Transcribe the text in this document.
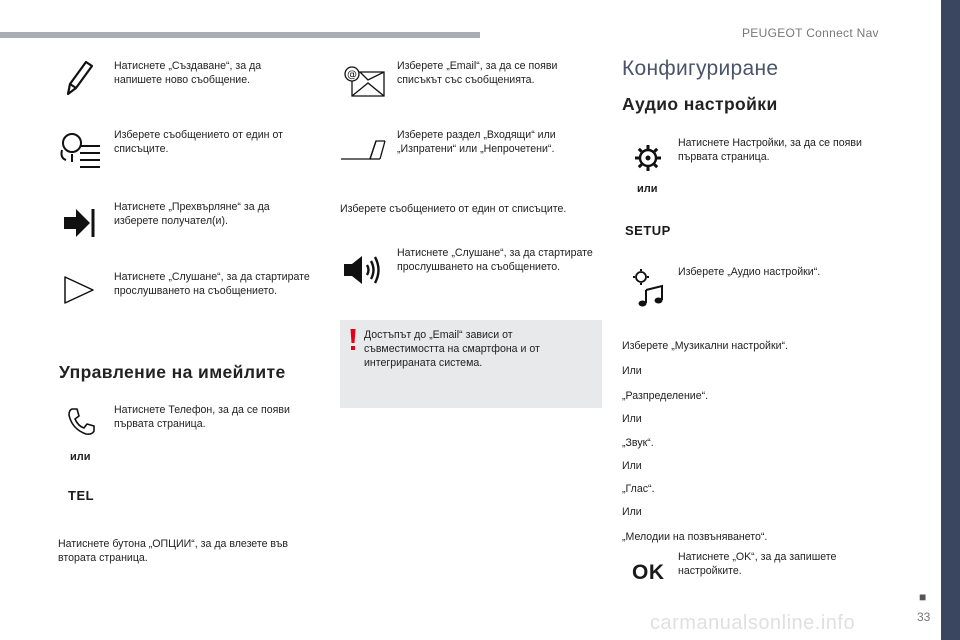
PEUGEOT Connect Nav
Натиснете „Създаване“, за да напишете ново съобщение.
Изберете съобщението от един от списъците.
Натиснете „Прехвърляне“ за да изберете получател(и).
Натиснете „Слушане“, за да стартирате прослушването на съобщението.
Управление на имейлите
Натиснете Телефон, за да се появи първата страница.
или
TEL
Натиснете бутона „ОПЦИИ“, за да влезете във втората страница.
@
Изберете „Email“, за да се появи списъкът със съобщенията.
Изберете раздел „Входящи“ или „Изпратени“ или „Непрочетени“.
Изберете съобщението от един от списъците.
Натиснете „Слушане“, за да стартирате прослушването на съобщението.
Достъпът до „Email“ зависи от съвместимостта на смартфона и от интегрираната система.
Конфигуриране
Аудио настройки
Натиснете Настройки, за да се появи първата страница.
или
SETUP
Изберете „Аудио настройки“.
Изберете „Музикални настройки“.
Или
„Разпределение“.
Или
„Звук“.
Или
„Глас“.
Или
„Мелодии на позвъняването“.
OK
Натиснете „OK“, за да запишете настройките.
■
33
carmanualsonline.info
